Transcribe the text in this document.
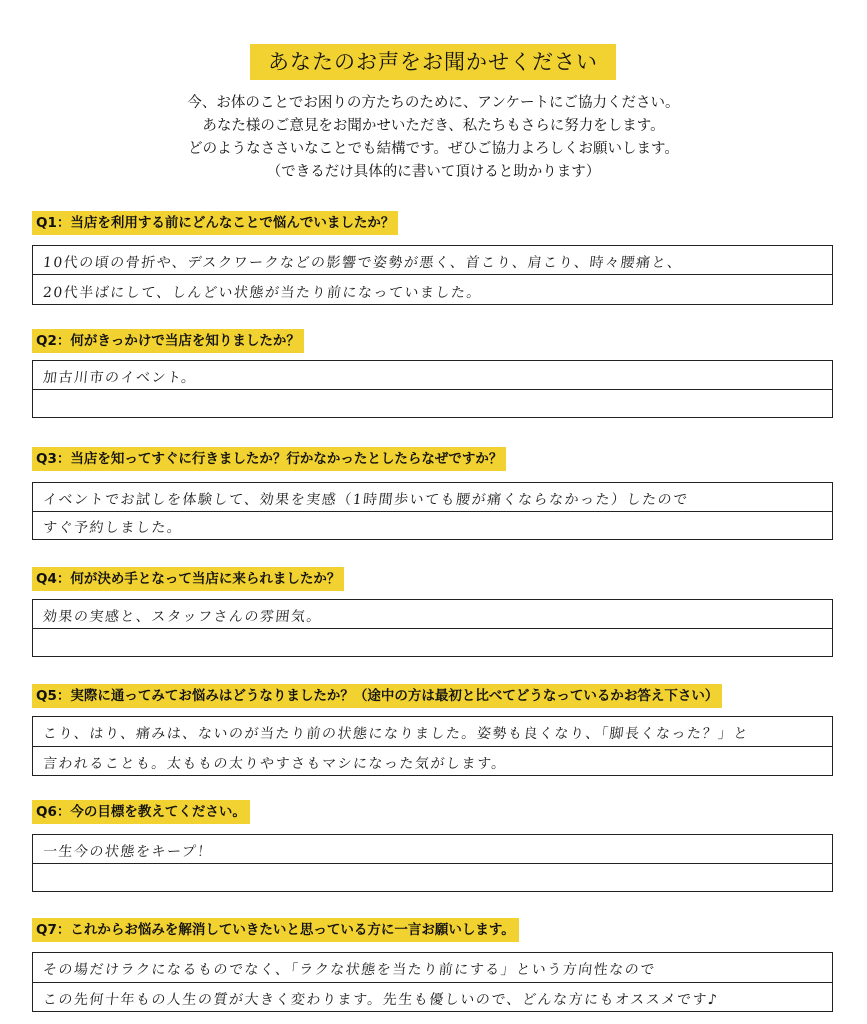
あなたのお声をお聞かせください
今、お体のことでお困りの方たちのために、アンケートにご協力ください。
あなた様のご意見をお聞かせいただき、私たちもさらに努力をします。
どのようなささいなことでも結構です。ぜひご協力よろしくお願いします。
（できるだけ具体的に書いて頂けると助かります）
Q1：当店を利用する前にどんなことで悩んでいましたか？
10代の頃の骨折や、デスクワークなどの影響で姿勢が悪く、首こり、肩こり、時々腰痛と、
20代半ばにして、しんどい状態が当たり前になっていました。
Q2：何がきっかけで当店を知りましたか？
加古川市のイベント。
Q3：当店を知ってすぐに行きましたか？行かなかったとしたらなぜですか？
イベントでお試しを体験して、効果を実感（1時間歩いても腰が痛くならなかった）したので
すぐ予約しました。
Q4：何が決め手となって当店に来られましたか？
効果の実感と、スタッフさんの雰囲気。
Q5：実際に通ってみてお悩みはどうなりましたか？（途中の方は最初と比べてどうなっているかお答え下さい）
こり、はり、痛みは、ないのが当たり前の状態になりました。姿勢も良くなり、「脚長くなった？」と
言われることも。太ももの太りやすさもマシになった気がします。
Q6：今の目標を教えてください。
一生今の状態をキープ！
Q7：これからお悩みを解消していきたいと思っている方に一言お願いします。
その場だけラクになるものでなく、「ラクな状態を当たり前にする」という方向性なので
この先何十年もの人生の質が大きく変わります。先生も優しいので、どんな方にもオススメです♪
